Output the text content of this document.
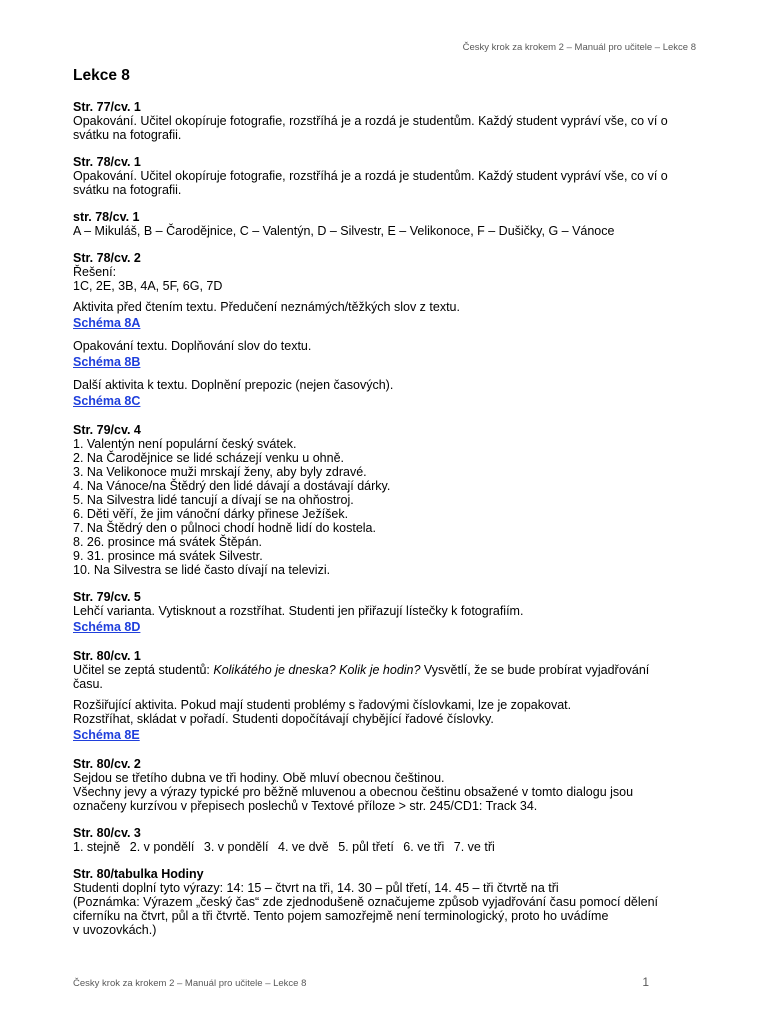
Česky krok za krokem 2 – Manuál pro učitele – Lekce 8
Lekce 8
Str. 77/cv. 1
Opakování. Učitel okopíruje fotografie, rozstříhá je a rozdá je studentům. Každý student vypráví vše, co ví o
svátku na fotografii.
Str. 78/cv. 1
Opakování. Učitel okopíruje fotografie, rozstříhá je a rozdá je studentům. Každý student vypráví vše, co ví o
svátku na fotografii.
str. 78/cv. 1
A – Mikuláš, B – Čarodějnice, C – Valentýn, D – Silvestr, E – Velikonoce, F – Dušičky, G – Vánoce
Str. 78/cv. 2
Řešení:
1C, 2E, 3B, 4A, 5F, 6G, 7D
Aktivita před čtením textu. Předučení neznámých/těžkých slov z textu.
Schéma 8A
Opakování textu. Doplňování slov do textu.
Schéma 8B
Další aktivita k textu. Doplnění prepozic (nejen časových).
Schéma 8C
Str. 79/cv. 4
1. Valentýn není populární český svátek.
2. Na Čarodějnice se lidé scházejí venku u ohně.
3. Na Velikonoce muži mrskají ženy, aby byly zdravé.
4. Na Vánoce/na Štědrý den lidé dávají a dostávají dárky.
5. Na Silvestra lidé tancují a dívají se na ohňostroj.
6. Děti věří, že jim vánoční dárky přinese Ježíšek.
7. Na Štědrý den o půlnoci chodí hodně lidí do kostela.
8. 26. prosince má svátek Štěpán.
9. 31. prosince má svátek Silvestr.
10. Na Silvestra se lidé často dívají na televizi.
Str. 79/cv. 5
Lehčí varianta. Vytisknout a rozstříhat. Studenti jen přiřazují lístečky k fotografiím.
Schéma 8D
Str. 80/cv. 1
Učitel se zeptá studentů: Kolikátého je dneska? Kolik je hodin? Vysvětlí, že se bude probírat vyjadřování
času.
Rozšiřující aktivita. Pokud mají studenti problémy s řadovými číslovkami, lze je zopakovat.
Rozstříhat, skládat v pořadí. Studenti dopočítávají chybějící řadové číslovky.
Schéma 8E
Str. 80/cv. 2
Sejdou se třetího dubna ve tři hodiny. Obě mluví obecnou češtinou.
Všechny jevy a výrazy typické pro běžně mluvenou a obecnou češtinu obsažené v tomto dialogu jsou
označeny kurzívou v přepisech poslechů v Textové příloze > str. 245/CD1: Track 34.
Str. 80/cv. 3
1. stejně 2. v pondělí 3. v pondělí 4. ve dvě 5. půl třetí 6. ve tři 7. ve tři
Str. 80/tabulka Hodiny
Studenti doplní tyto výrazy: 14: 15 – čtvrt na tři, 14. 30 – půl třetí, 14. 45 – tři čtvrtě na tři
(Poznámka: Výrazem „český čas“ zde zjednodušeně označujeme způsob vyjadřování času pomocí dělení
ciferníku na čtvrt, půl a tři čtvrtě. Tento pojem samozřejmě není terminologický, proto ho uvádíme
v uvozovkách.)
Česky krok za krokem 2 – Manuál pro učitele – Lekce 8	1
